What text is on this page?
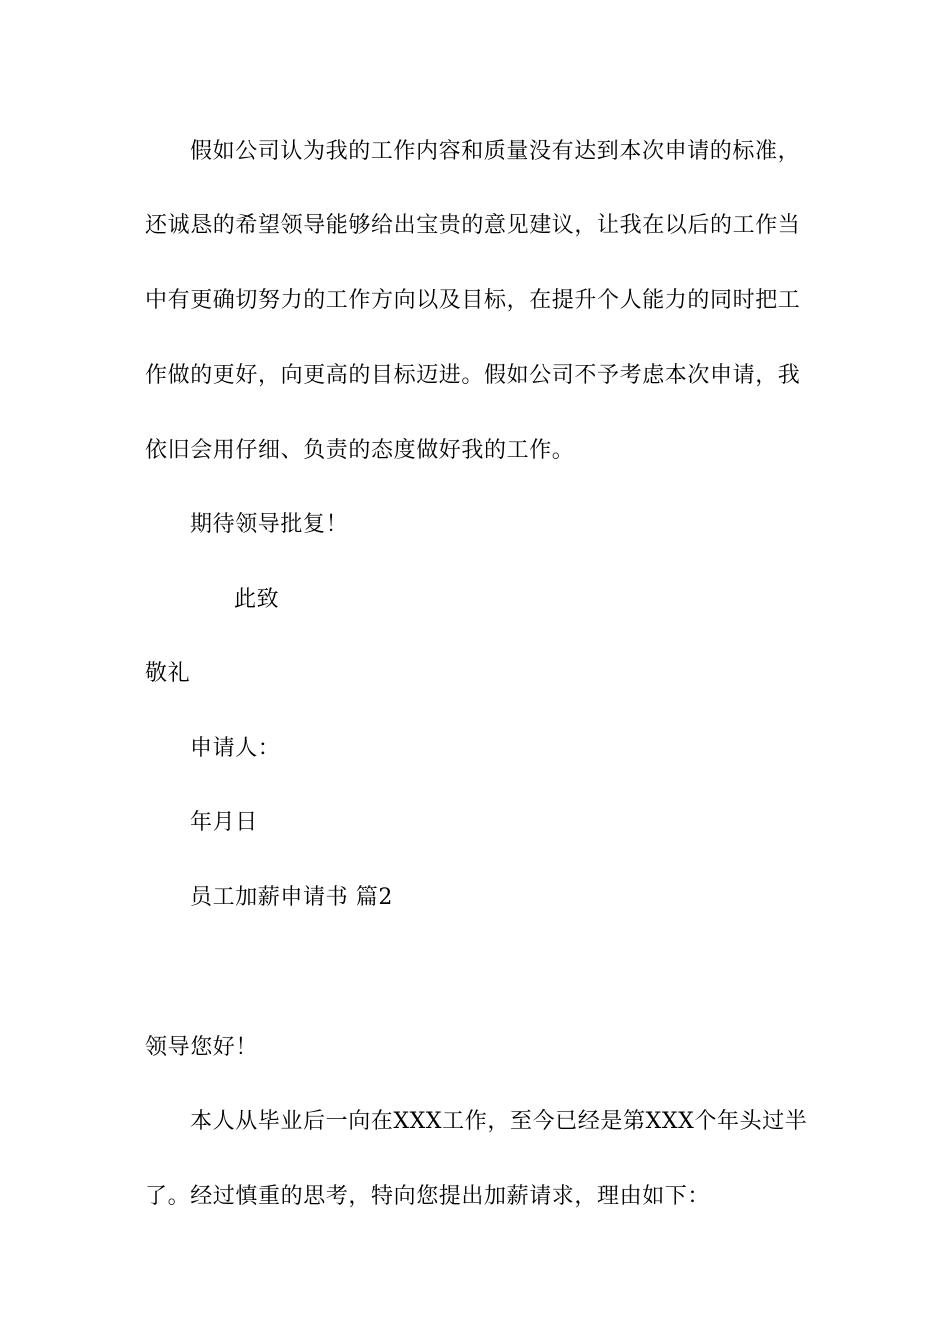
假如公司认为我的工作内容和质量没有达到本次申请的标准，
还诚恳的希望领导能够给出宝贵的意见建议，让我在以后的工作当
中有更确切努力的工作方向以及目标，在提升个人能力的同时把工
作做的更好，向更高的目标迈进。假如公司不予考虑本次申请，我
依旧会用仔细、负责的态度做好我的工作。
期待领导批复！
此致
敬礼
申请人：
年月日
员工加薪申请书 篇2
领导您好！
本人从毕业后一向在XXX工作，至今已经是第XXX个年头过半
了。经过慎重的思考，特向您提出加薪请求，理由如下：
